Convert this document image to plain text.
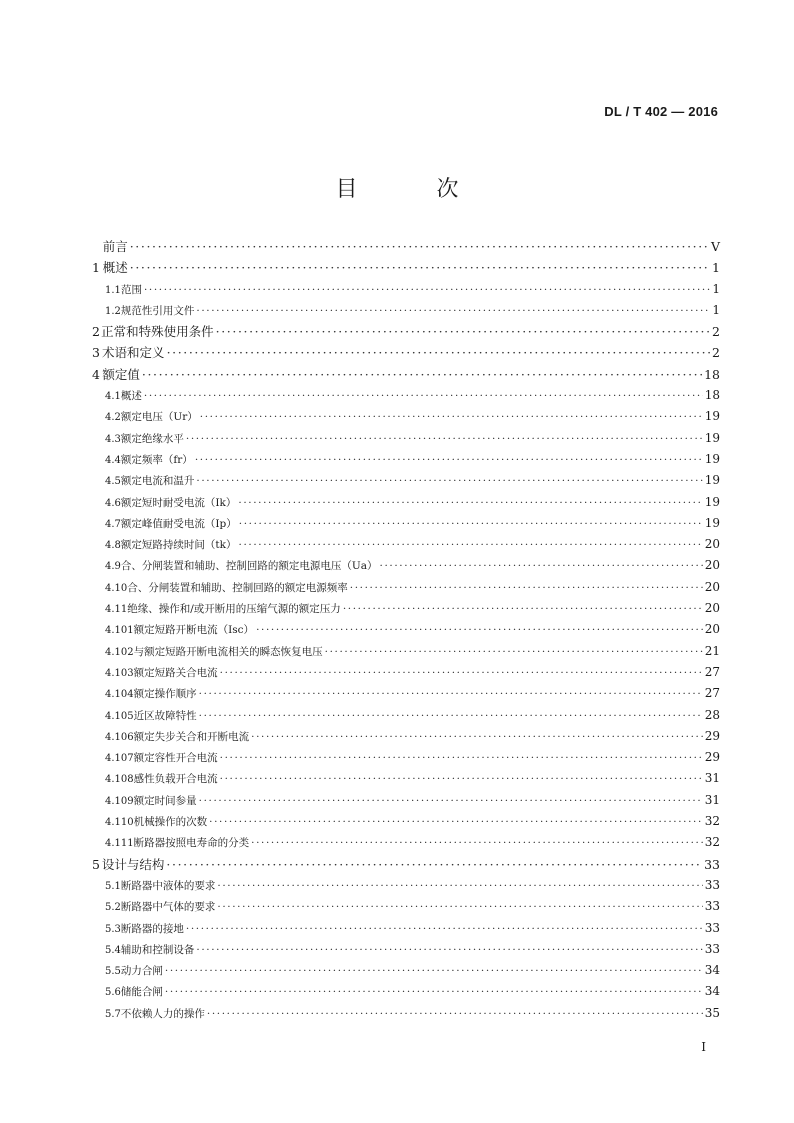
DL / T 402 — 2016
目 次
前言 ·····	V
1 概述 ·····	1
1.1 范围 ·····	1
1.2 规范性引用文件 ·····	1
2 正常和特殊使用条件 ·····	2
3 术语和定义 ·····	2
4 额定值 ·····	18
4.1 概述 ·····	18
4.2 额定电压（Ur） ·····	19
4.3 额定绝缘水平 ·····	19
4.4 额定频率（fr） ·····	19
4.5 额定电流和温升 ·····	19
4.6 额定短时耐受电流（Ik） ·····	19
4.7 额定峰值耐受电流（Ip） ·····	19
4.8 额定短路持续时间（tk） ·····	20
4.9 合、分闸装置和辅助、控制回路的额定电源电压（Ua） ·····	20
4.10 合、分闸装置和辅助、控制回路的额定电源频率 ·····	20
4.11 绝缘、操作和/或开断用的压缩气源的额定压力 ·····	20
4.101 额定短路开断电流（Isc） ·····	20
4.102 与额定短路开断电流相关的瞬态恢复电压 ·····	21
4.103 额定短路关合电流 ·····	27
4.104 额定操作顺序 ·····	27
4.105 近区故障特性 ·····	28
4.106 额定失步关合和开断电流 ·····	29
4.107 额定容性开合电流 ·····	29
4.108 感性负载开合电流 ·····	31
4.109 额定时间参量 ·····	31
4.110 机械操作的次数 ·····	32
4.111 断路器按照电寿命的分类 ·····	32
5 设计与结构 ·····	33
5.1 断路器中液体的要求 ·····	33
5.2 断路器中气体的要求 ·····	33
5.3 断路器的接地 ·····	33
5.4 辅助和控制设备 ·····	33
5.5 动力合闸 ·····	34
5.6 储能合闸 ·····	34
5.7 不依赖人力的操作 ·····	35
I
